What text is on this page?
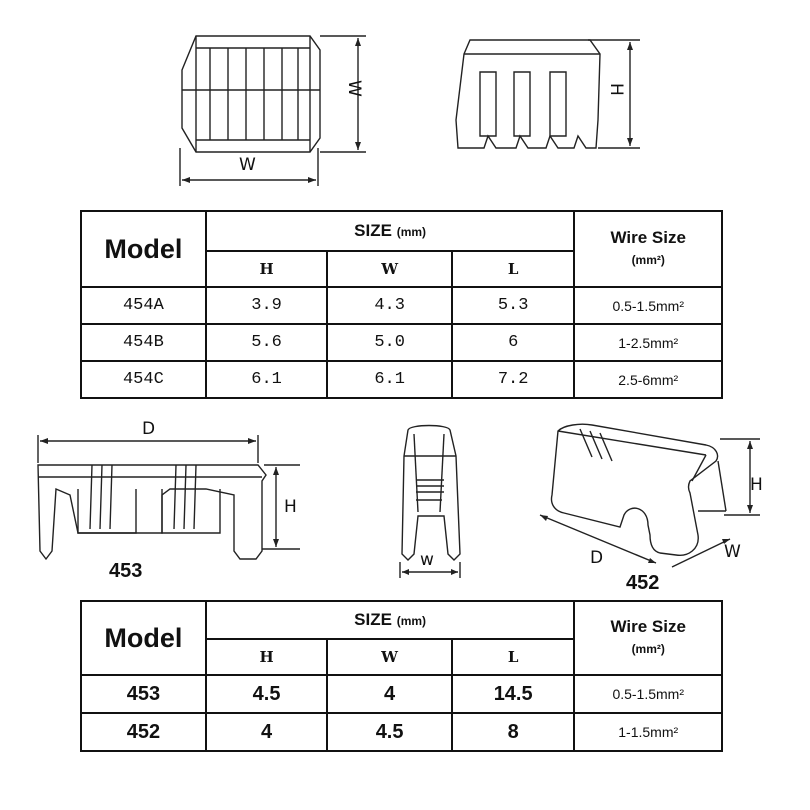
W
W	H
Model	SIZE (mm)			Wire Size
(mm²)

	H	W	L	
454A	3.9	4.3	5.3	0.5-1.5mm²
454B	5.6	5.0	6	1-2.5mm²
454C	6.1	6.1	7.2	2.5-6mm²
D
H
453	w
H
D	W
452
Model	SIZE (mm)			Wire Size
(mm²)

	H	W	L	
453	4.5	4	14.5	0.5-1.5mm²
452	4	4.5	8	1-1.5mm²
